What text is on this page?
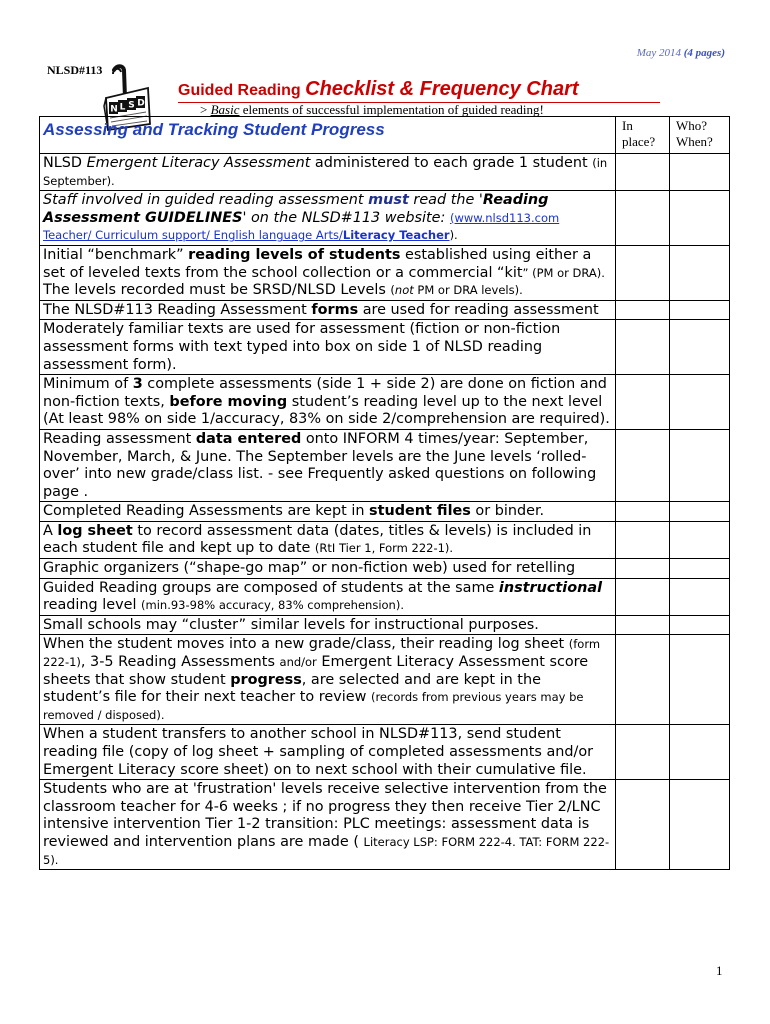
May 2014 (4 pages)
NLSD#113
N L S D
Guided Reading Checklist & Frequency Chart
> Basic elements of successful implementation of guided reading!
Assessing and Tracking Student Progress	In place?	Who? When?
NLSD Emergent Literacy Assessment administered to each grade 1 student (in September).		
Staff involved in guided reading assessment must read the 'Reading Assessment GUIDELINES' on the NLSD#113 website: (www.nlsd113.com
Teacher/ Curriculum support/ English language Arts/Literacy Teacher).		
Initial “benchmark” reading levels of students established using either a set of leveled texts from the school collection or a commercial “kit” (PM or DRA). The levels recorded must be SRSD/NLSD Levels (not PM or DRA levels).		
The NLSD#113 Reading Assessment forms are used for reading assessment		
Moderately familiar texts are used for assessment (fiction or non-fiction assessment forms with text typed into box on side 1 of NLSD reading assessment form).		
Minimum of 3 complete assessments (side 1 + side 2) are done on fiction and non-fiction texts, before moving student’s reading level up to the next level (At least 98% on side 1/accuracy, 83% on side 2/comprehension are required).		
Reading assessment data entered onto INFORM 4 times/year: September, November, March, & June. The September levels are the June levels ‘rolled-over’ into new grade/class list. - see Frequently asked questions on following page .		
Completed Reading Assessments are kept in student files or binder.		
A log sheet to record assessment data (dates, titles & levels) is included in each student file and kept up to date (RtI Tier 1, Form 222-1).		
Graphic organizers (“shape-go map” or non-fiction web) used for retelling		
Guided Reading groups are composed of students at the same instructional reading level (min.93-98% accuracy, 83% comprehension).		
Small schools may “cluster” similar levels for instructional purposes.		
When the student moves into a new grade/class, their reading log sheet (form 222-1), 3-5 Reading Assessments and/or Emergent Literacy Assessment score sheets that show student progress, are selected and are kept in the student’s file for their next teacher to review (records from previous years may be removed / disposed).		
When a student transfers to another school in NLSD#113, send student reading file (copy of log sheet + sampling of completed assessments and/or Emergent Literacy score sheet) on to next school with their cumulative file.		
Students who are at 'frustration' levels receive selective intervention from the classroom teacher for 4-6 weeks ; if no progress they then receive Tier 2/LNC intensive intervention Tier 1-2 transition: PLC meetings: assessment data is reviewed and intervention plans are made ( Literacy LSP: FORM 222-4. TAT: FORM 222-5).		
1
